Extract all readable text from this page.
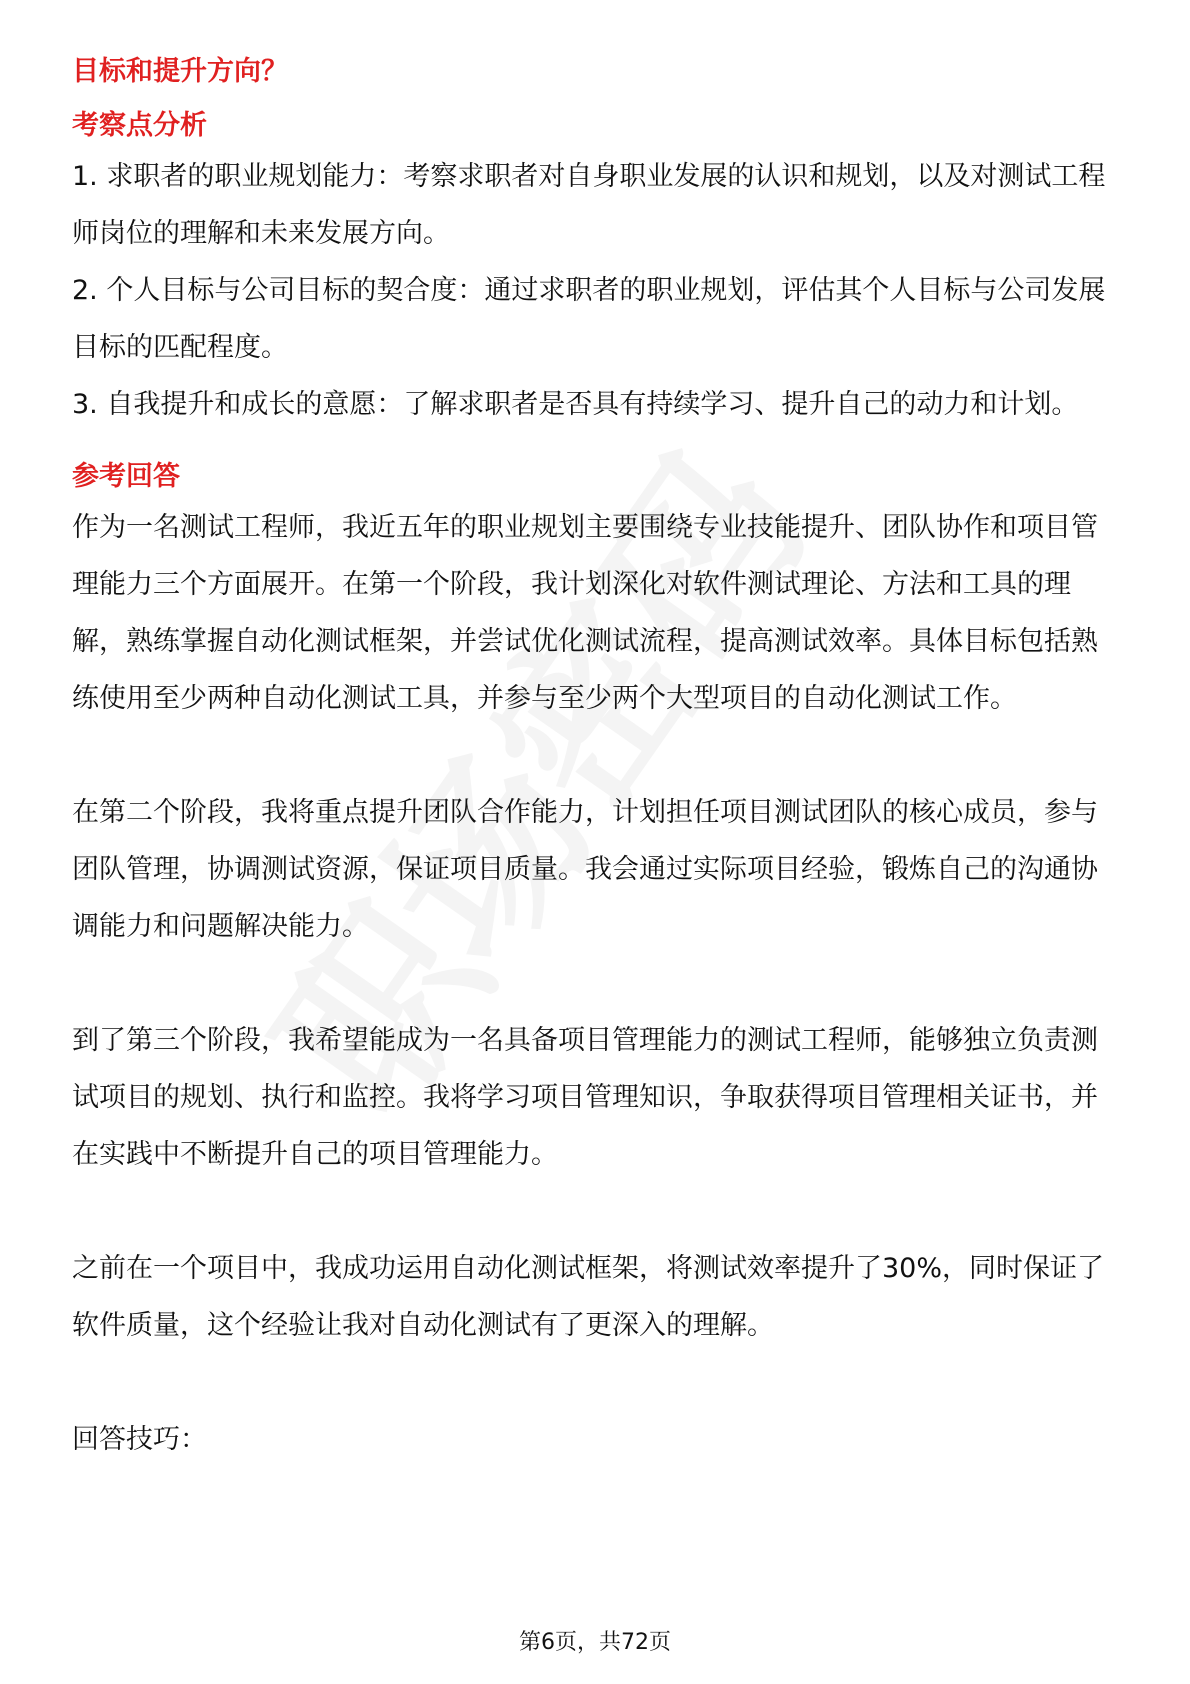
目标和提升方向？

考察点分析

1. 求职者的职业规划能力：考察求职者对自身职业发展的认识和规划，以及对测试工程师岗位的理解和未来发展方向。

2. 个人目标与公司目标的契合度：通过求职者的职业规划，评估其个人目标与公司发展目标的匹配程度。

3. 自我提升和成长的意愿：了解求职者是否具有持续学习、提升自己的动力和计划。

参考回答

作为一名测试工程师，我近五年的职业规划主要围绕专业技能提升、团队协作和项目管理能力三个方面展开。在第一个阶段，我计划深化对软件测试理论、方法和工具的理解，熟练掌握自动化测试框架，并尝试优化测试流程，提高测试效率。具体目标包括熟练使用至少两种自动化测试工具，并参与至少两个大型项目的自动化测试工作。

在第二个阶段，我将重点提升团队合作能力，计划担任项目测试团队的核心成员，参与团队管理，协调测试资源，保证项目质量。我会通过实际项目经验，锻炼自己的沟通协调能力和问题解决能力。

到了第三个阶段，我希望能成为一名具备项目管理能力的测试工程师，能够独立负责测试项目的规划、执行和监控。我将学习项目管理知识，争取获得项目管理相关证书，并在实践中不断提升自己的项目管理能力。

之前在一个项目中，我成功运用自动化测试框架，将测试效率提升了30%，同时保证了软件质量，这个经验让我对自动化测试有了更深入的理解。

回答技巧：

第6页，共72页
